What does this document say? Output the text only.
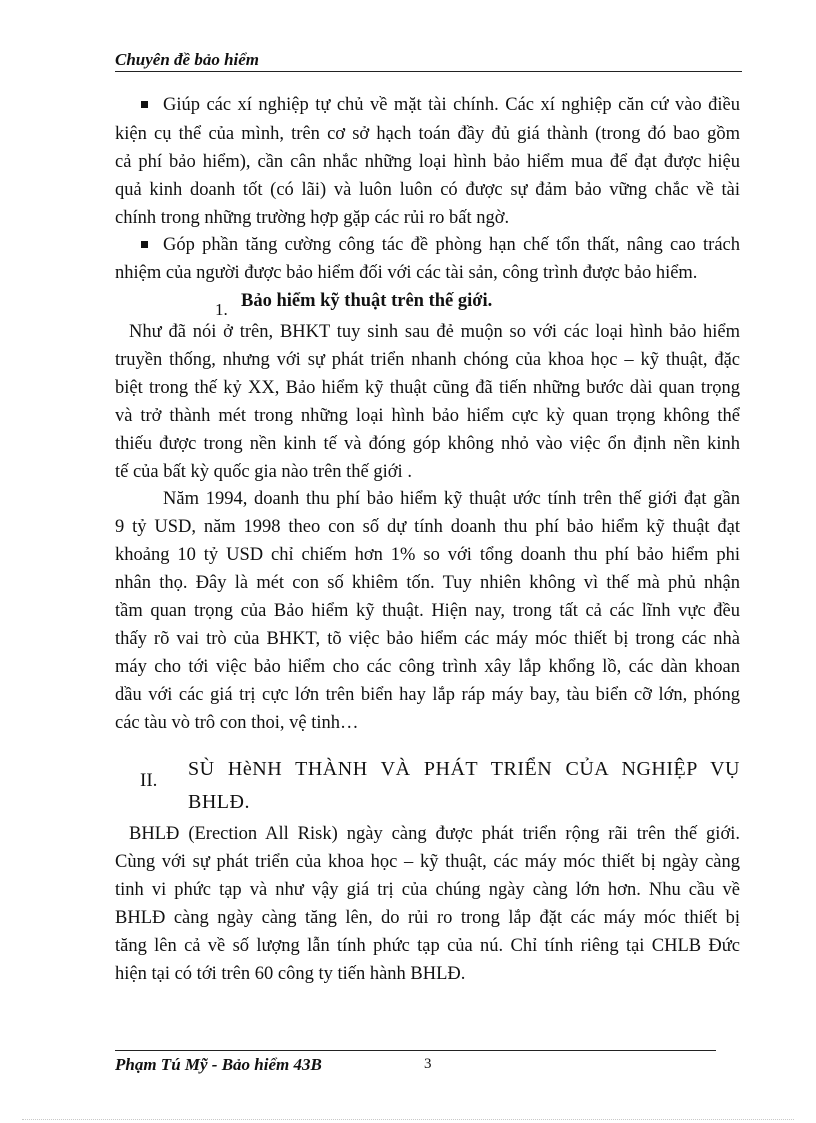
Chuyên đề bảo hiểm
Giúp các xí nghiệp tự chủ về mặt tài chính. Các xí nghiệp căn cứ vào điều
kiện cụ thể của mình, trên cơ sở hạch toán đầy đủ giá thành (trong đó bao gồm
cả phí bảo hiểm), cần cân nhắc những loại hình bảo hiểm mua để đạt được hiệu
quả kinh doanh tốt (có lãi) và luôn luôn có được sự đảm bảo vững chắc về tài
chính trong những trường hợp gặp các rủi ro bất ngờ.
Góp phần tăng cường công tác đề phòng hạn chế tổn thất, nâng cao trách
nhiệm của người được bảo hiểm đối với các tài sản, công trình được bảo hiểm.
1. Bảo hiểm kỹ thuật trên thế giới.
Như đã nói ở trên, BHKT tuy sinh sau đẻ muộn so với các loại hình bảo hiểm
truyền thống, nhưng với sự phát triển nhanh chóng của khoa học – kỹ thuật, đặc
biệt trong thế kỷ XX, Bảo hiểm kỹ thuật cũng đã tiến những bước dài quan trọng
và trở thành mét trong những loại hình bảo hiểm cực kỳ quan trọng không thể
thiếu được trong nền kinh tế và đóng góp không nhỏ vào việc ổn định nền kinh
tế của bất kỳ quốc gia nào trên thế giới .
Năm 1994, doanh thu phí bảo hiểm kỹ thuật ước tính trên thế giới đạt gần
9 tỷ USD, năm 1998 theo con số dự tính doanh thu phí bảo hiểm kỹ thuật đạt
khoảng 10 tỷ USD chỉ chiếm hơn 1% so với tổng doanh thu phí bảo hiểm phi
nhân thọ. Đây là mét con số khiêm tốn. Tuy nhiên không vì thế mà phủ nhận
tầm quan trọng của Bảo hiểm kỹ thuật. Hiện nay, trong tất cả các lĩnh vực đều
thấy rõ vai trò của BHKT, tõ việc bảo hiểm các máy móc thiết bị trong các nhà
máy cho tới việc bảo hiểm cho các công trình xây lắp khổng lồ, các dàn khoan
dầu với các giá trị cực lớn trên biển hay lắp ráp máy bay, tàu biển cỡ lớn, phóng
các tàu vò trô con thoi, vệ tinh…
II.
SÙ HèNH THÀNH VÀ PHÁT TRIỂN CỦA NGHIỆP VỤ
BHLĐ.
BHLĐ (Erection All Risk) ngày càng được phát triển rộng rãi trên thế giới.
Cùng với sự phát triển của khoa học – kỹ thuật, các máy móc thiết bị ngày càng
tinh vi phức tạp và như vậy giá trị của chúng ngày càng lớn hơn. Nhu cầu về
BHLĐ càng ngày càng tăng lên, do rủi ro trong lắp đặt các máy móc thiết bị
tăng lên cả về số lượng lẫn tính phức tạp của nú. Chỉ tính riêng tại CHLB Đức
hiện tại có tới trên 60 công ty tiến hành BHLĐ.
Phạm Tú Mỹ - Bảo hiểm 43B	3
